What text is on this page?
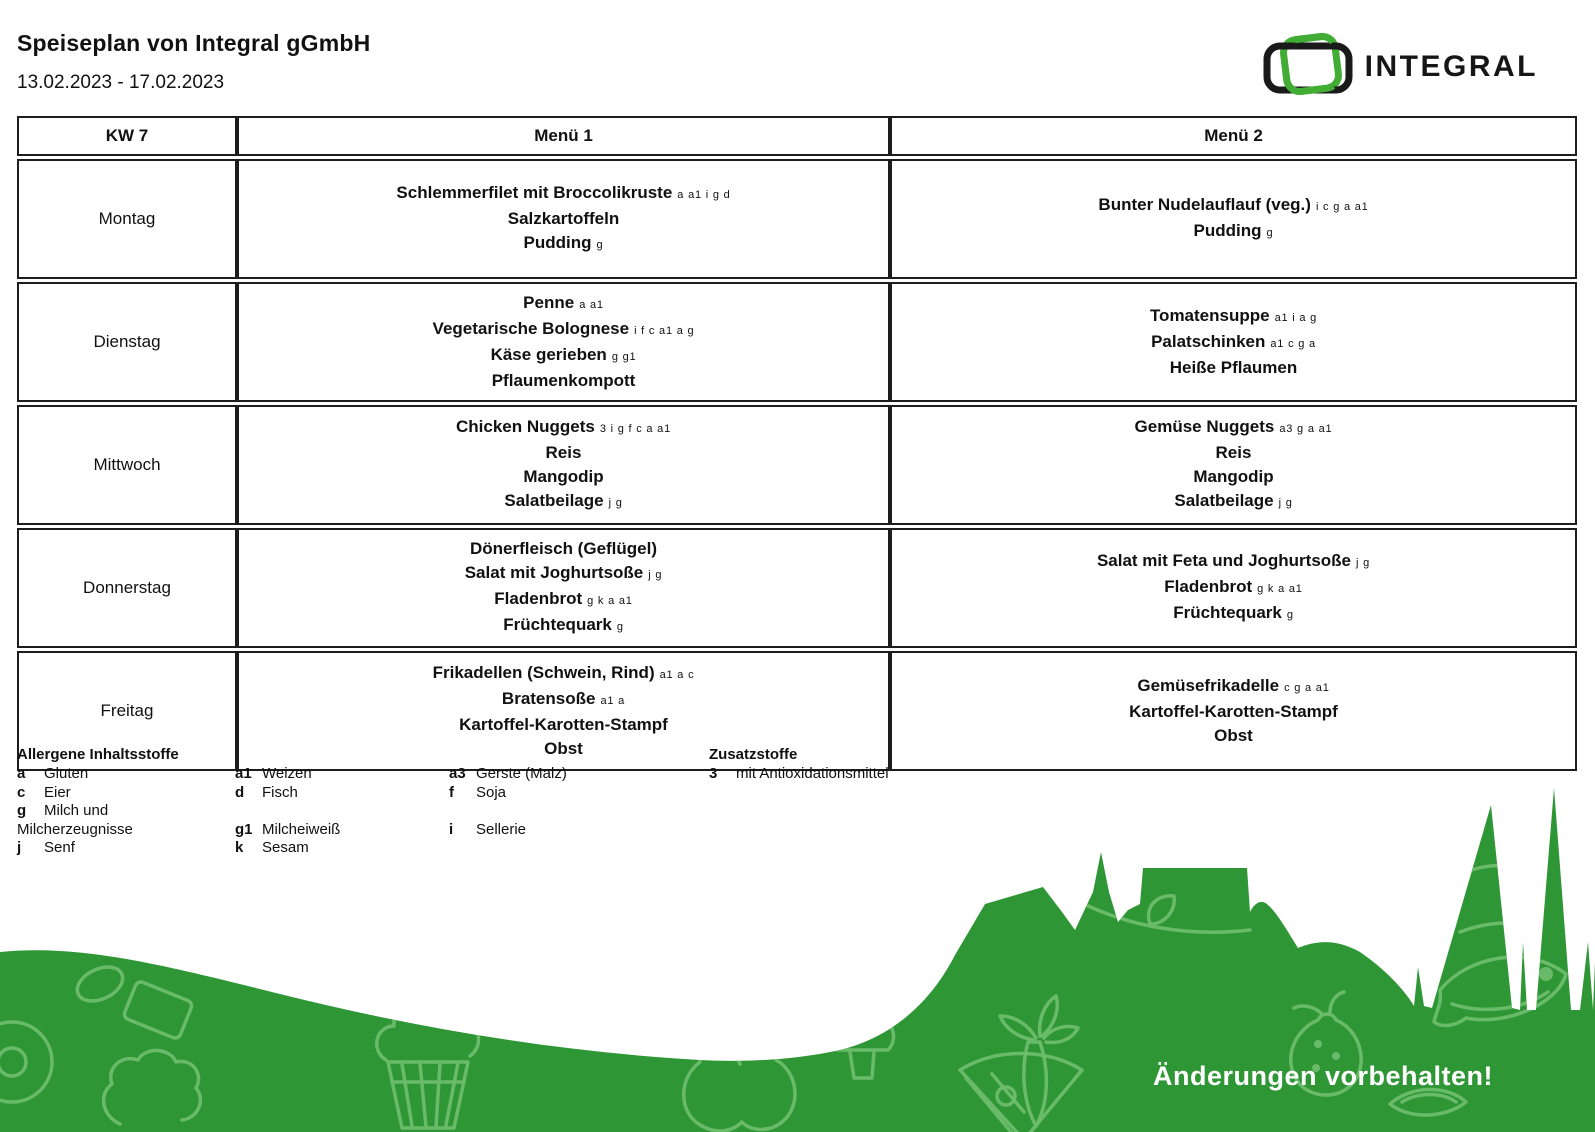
Änderungen vorbehalten!
Speiseplan von Integral gGmbH
13.02.2023 - 17.02.2023	INTEGRAL
KW 7	Menü 1	Menü 2
Montag	
Schlemmerfilet mit Broccolikruste a a1 i g d
Salzkartoffeln
Pudding g

Bunter Nudelauflauf (veg.) i c g a a1
Pudding g

Dienstag	
Penne a a1
Vegetarische Bolognese i f c a1 a g
Käse gerieben g g1
Pflaumenkompott

Tomatensuppe a1 i a g
Palatschinken a1 c g a
Heiße Pflaumen

Mittwoch	
Chicken Nuggets 3 i g f c a a1
Reis
Mangodip
Salatbeilage j g

Gemüse Nuggets a3 g a a1
Reis
Mangodip
Salatbeilage j g

Donnerstag	
Dönerfleisch (Geflügel)
Salat mit Joghurtsoße j g
Fladenbrot g k a a1
Früchtequark g

Salat mit Feta und Joghurtsoße j g
Fladenbrot g k a a1
Früchtequark g

Freitag	
Frikadellen (Schwein, Rind) a1 a c
Bratensoße a1 a
Kartoffel-Karotten-Stampf
Obst

Gemüsefrikadelle c g a a1
Kartoffel-Karotten-Stampf
Obst
Allergene Inhaltsstoffe
a Gluten
c Eier
g Milch und
Milcherzeugnisse
j Senf
a1 Weizen
d Fisch
g1 Milcheiweiß
k Sesam
a3 Gerste (Malz)
f Soja
i Sellerie
Zusatzstoffe
3 mit Antioxidationsmittel
